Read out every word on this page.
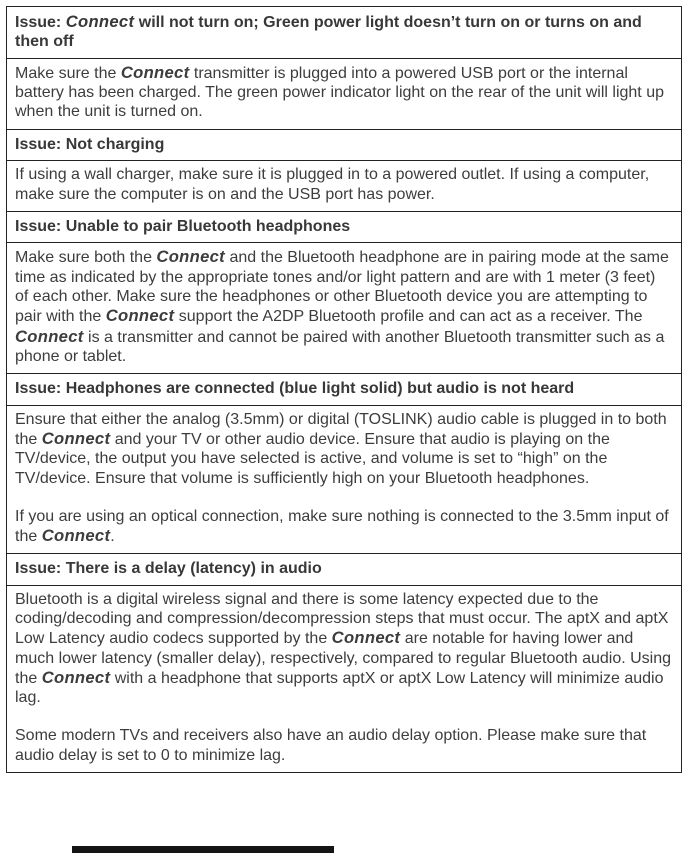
Issue: Connect will not turn on; Green power light doesn’t turn on or turns on and then off

Make sure the Connect transmitter is plugged into a powered USB port or the internal battery has been charged. The green power indicator light on the rear of the unit will light up when the unit is turned on.

Issue: Not charging

If using a wall charger, make sure it is plugged in to a powered outlet. If using a computer, make sure the computer is on and the USB port has power.

Issue: Unable to pair Bluetooth headphones

Make sure both the Connect and the Bluetooth headphone are in pairing mode at the same time as indicated by the appropriate tones and/or light pattern and are with 1 meter (3 feet) of each other. Make sure the headphones or other Bluetooth device you are attempting to pair with the Connect support the A2DP Bluetooth profile and can act as a receiver. The Connect is a transmitter and cannot be paired with another Bluetooth transmitter such as a phone or tablet.

Issue: Headphones are connected (blue light solid) but audio is not heard

Ensure that either the analog (3.5mm) or digital (TOSLINK) audio cable is plugged in to both the Connect and your TV or other audio device. Ensure that audio is playing on the TV/device, the output you have selected is active, and volume is set to “high” on the TV/device. Ensure that volume is sufficiently high on your Bluetooth headphones.

If you are using an optical connection, make sure nothing is connected to the 3.5mm input of the Connect.

Issue: There is a delay (latency) in audio

Bluetooth is a digital wireless signal and there is some latency expected due to the coding/decoding and compression/decompression steps that must occur. The aptX and aptX Low Latency audio codecs supported by the Connect are notable for having lower and much lower latency (smaller delay), respectively, compared to regular Bluetooth audio. Using the Connect with a headphone that supports aptX or aptX Low Latency will minimize audio lag.

Some modern TVs and receivers also have an audio delay option. Please make sure that audio delay is set to 0 to minimize lag.
